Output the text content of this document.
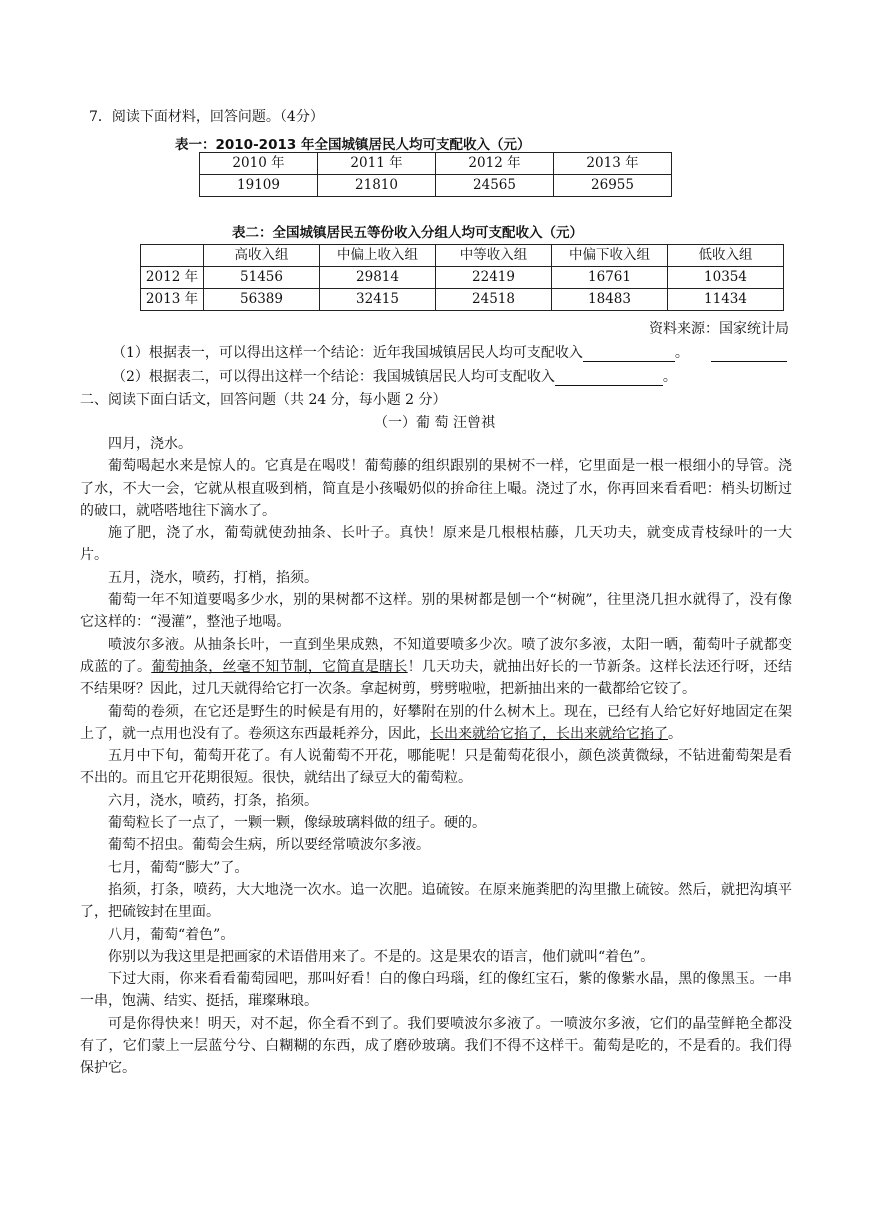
7．阅读下面材料，回答问题。（4分）
表一：2010-2013 年全国城镇居民人均可支配收入（元）
2010 年	2011 年	2012 年	2013 年
19109	21810	24565	26955
表二：全国城镇居民五等份收入分组人均可支配收入（元）
	高收入组	中偏上收入组	中等收入组	中偏下收入组	低收入组
2012 年	51456	29814	22419	16761	10354
2013 年	56389	32415	24518	18483	11434
资料来源：国家统计局
（1）根据表一，可以得出这样一个结论：近年我国城镇居民人均可支配收入	。
（2）根据表二，可以得出这样一个结论：我国城镇居民人均可支配收入	。
二、阅读下面白话文，回答问题（共 24 分，每小题 2 分）
（一）葡 萄 汪曾祺

四月，浇水。

葡萄喝起水来是惊人的。它真是在喝哎！葡萄藤的组织跟别的果树不一样，它里面是一根一根细小的导管。浇了水，不大一会，它就从根直吸到梢，简直是小孩嘬奶似的拚命往上嘬。浇过了水，你再回来看看吧：梢头切断过的破口，就嗒嗒地往下滴水了。

施了肥，浇了水，葡萄就使劲抽条、长叶子。真快！原来是几根根枯藤，几天功夫，就变成青枝绿叶的一大片。

五月，浇水，喷药，打梢，掐须。

葡萄一年不知道要喝多少水，别的果树都不这样。别的果树都是刨一个“树碗”，往里浇几担水就得了，没有像它这样的：“漫灌”，整池子地喝。

喷波尔多液。从抽条长叶，一直到坐果成熟，不知道要喷多少次。喷了波尔多液，太阳一晒，葡萄叶子就都变成蓝的了。葡萄抽条，丝毫不知节制，它简直是瞎长！几天功夫，就抽出好长的一节新条。这样长法还行呀，还结不结果呀？因此，过几天就得给它打一次条。拿起树剪，劈劈啦啦，把新抽出来的一截都给它铰了。

葡萄的卷须，在它还是野生的时候是有用的，好攀附在别的什么树木上。现在，已经有人给它好好地固定在架上了，就一点用也没有了。卷须这东西最耗养分，因此，长出来就给它掐了，长出来就给它掐了。

五月中下旬，葡萄开花了。有人说葡萄不开花，哪能呢！只是葡萄花很小，颜色淡黄微绿，不钻进葡萄架是看不出的。而且它开花期很短。很快，就结出了绿豆大的葡萄粒。

六月，浇水，喷药，打条，掐须。

葡萄粒长了一点了，一颗一颗，像绿玻璃料做的纽子。硬的。

葡萄不招虫。葡萄会生病，所以要经常喷波尔多液。

七月，葡萄“膨大”了。

掐须，打条，喷药，大大地浇一次水。追一次肥。追硫铵。在原来施粪肥的沟里撒上硫铵。然后，就把沟填平了，把硫铵封在里面。

八月，葡萄“着色”。

你别以为我这里是把画家的术语借用来了。不是的。这是果农的语言，他们就叫“着色”。

下过大雨，你来看看葡萄园吧，那叫好看！白的像白玛瑙，红的像红宝石，紫的像紫水晶，黑的像黑玉。一串一串，饱满、结实、挺括，璀璨琳琅。

可是你得快来！明天，对不起，你全看不到了。我们要喷波尔多液了。一喷波尔多液，它们的晶莹鲜艳全都没有了，它们蒙上一层蓝兮兮、白糊糊的东西，成了磨砂玻璃。我们不得不这样干。葡萄是吃的，不是看的。我们得保护它。
